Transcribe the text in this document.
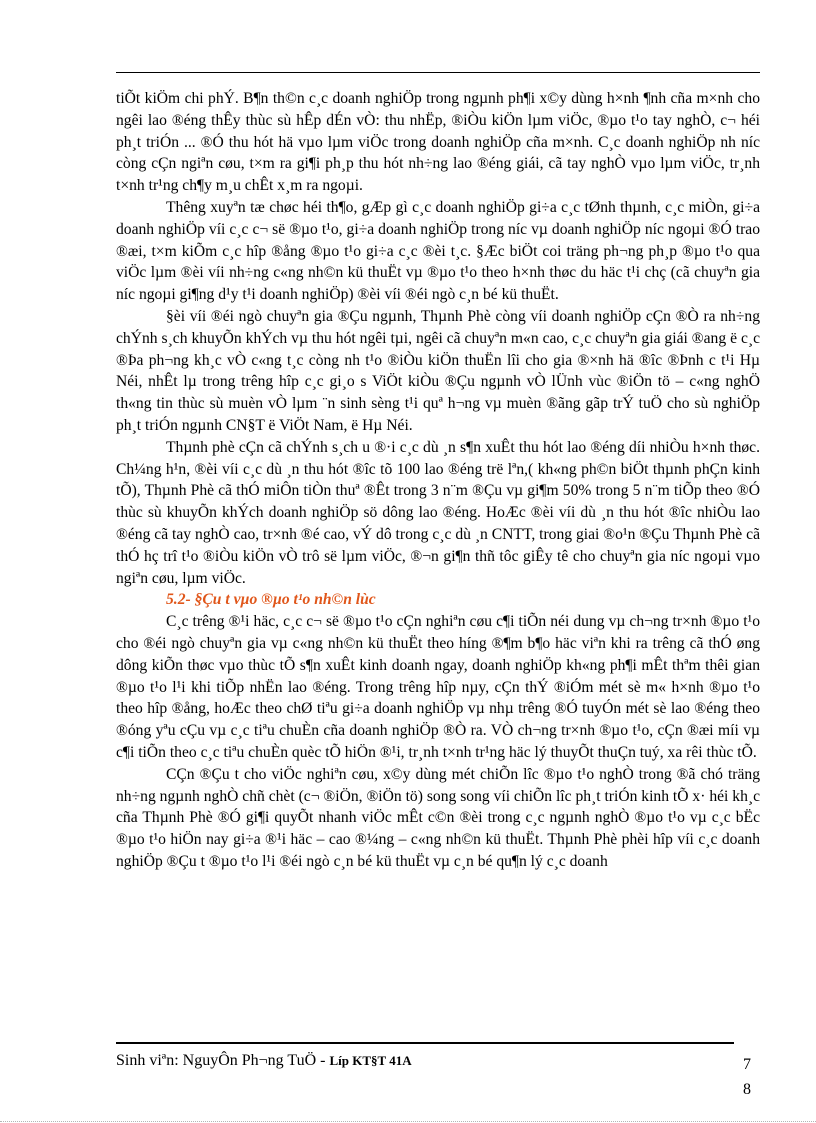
tiÕt kiÖm chi phÝ. B¶n th©n c¸c doanh nghiÖp trong ngµnh ph¶i x©y dùng h×nh ¶nh cña m×nh cho ngêi lao ®éng thÊy thùc sù hÊp dÉn vÒ: thu nhËp, ®iÒu kiÖn lµm viÖc, ®µo t¹o tay nghÒ, c¬ héi ph¸t triÓn ... ®Ó thu hót hä vµo lµm viÖc trong doanh nghiÖp cña m×nh. C¸c doanh nghiÖp nh níc còng cÇn ngiªn cøu, t×m ra gi¶i ph¸p thu hót nh÷ng lao ®éng giái, cã tay nghÒ vµo lµm viÖc, tr¸nh t×nh tr¹ng ch¶y m¸u chÊt x¸m ra ngoµi.

Thêng xuyªn tæ chøc héi th¶o, gÆp gì c¸c doanh nghiÖp gi÷a c¸c tØnh thµnh, c¸c miÒn, gi÷a doanh nghiÖp víi c¸c c¬ së ®µo t¹o, gi÷a doanh nghiÖp trong níc vµ doanh nghiÖp níc ngoµi ®Ó trao ®æi, t×m kiÕm c¸c hîp ®ång ®µo t¹o gi÷a c¸c ®èi t¸c. §Æc biÖt coi träng ph¬ng ph¸p ®µo t¹o qua viÖc lµm ®èi víi nh÷ng c«ng nh©n kü thuËt vµ ®µo t¹o theo h×nh thøc du häc t¹i chç (cã chuyªn gia níc ngoµi gi¶ng d¹y t¹i doanh nghiÖp) ®èi víi ®éi ngò c¸n bé kü thuËt.

§èi víi ®éi ngò chuyªn gia ®Çu ngµnh, Thµnh Phè còng víi doanh nghiÖp cÇn ®Ò ra nh÷ng chÝnh s¸ch khuyÕn khÝch vµ thu hót ngêi tµi, ngêi cã chuyªn m«n cao, c¸c chuyªn gia giái ®ang ë c¸c ®Þa ph¬ng kh¸c vÒ c«ng t¸c còng nh t¹o ®iÒu kiÖn thuËn lîi cho gia ®×nh hä ®îc ®Þnh c t¹i Hµ Néi, nhÊt lµ trong trêng hîp c¸c gi¸o s ViÖt kiÒu ®Çu ngµnh vÒ lÜnh vùc ®iÖn tö – c«ng nghÖ th«ng tin thùc sù muèn vÒ lµm ¨n sinh sèng t¹i quª h¬ng vµ muèn ®ãng gãp trÝ tuÖ cho sù nghiÖp ph¸t triÓn ngµnh CN§T ë ViÖt Nam, ë Hµ Néi.

Thµnh phè cÇn cã chÝnh s¸ch u ®·i c¸c dù ¸n s¶n xuÊt thu hót lao ®éng díi nhiÒu h×nh thøc. Ch¼ng h¹n, ®èi víi c¸c dù ¸n thu hót ®îc tõ 100 lao ®éng trë lªn,( kh«ng ph©n biÖt thµnh phÇn kinh tÕ), Thµnh Phè cã thÓ miÔn tiÒn thuª ®Êt trong 3 n¨m ®Çu vµ gi¶m 50% trong 5 n¨m tiÕp theo ®Ó thùc sù khuyÕn khÝch doanh nghiÖp sö dông lao ®éng. HoÆc ®èi víi dù ¸n thu hót ®îc nhiÒu lao ®éng cã tay nghÒ cao, tr×nh ®é cao, vÝ dô trong c¸c dù ¸n CNTT, trong giai ®o¹n ®Çu Thµnh Phè cã thÓ hç trî t¹o ®iÒu kiÖn vÒ trô së lµm viÖc, ®¬n gi¶n thñ tôc giÊy tê cho chuyªn gia níc ngoµi vµo ngiªn cøu, lµm viÖc.

5.2- §Çu t vµo ®µo t¹o nh©n lùc

C¸c trêng ®¹i häc, c¸c c¬ së ®µo t¹o cÇn nghiªn cøu c¶i tiÕn néi dung vµ ch¬ng tr×nh ®µo t¹o cho ®éi ngò chuyªn gia vµ c«ng nh©n kü thuËt theo híng ®¶m b¶o häc viªn khi ra trêng cã thÓ øng dông kiÕn thøc vµo thùc tÕ s¶n xuÊt kinh doanh ngay, doanh nghiÖp kh«ng ph¶i mÊt thªm thêi gian ®µo t¹o l¹i khi tiÕp nhËn lao ®éng. Trong trêng hîp nµy, cÇn thÝ ®iÓm mét sè m« h×nh ®µo t¹o theo hîp ®ång, hoÆc theo chØ tiªu gi÷a doanh nghiÖp vµ nhµ trêng ®Ó tuyÓn mét sè lao ®éng theo ®óng yªu cÇu vµ c¸c tiªu chuÈn cña doanh nghiÖp ®Ò ra. VÒ ch¬ng tr×nh ®µo t¹o, cÇn ®æi míi vµ c¶i tiÕn theo c¸c tiªu chuÈn quèc tÕ hiÖn ®¹i, tr¸nh t×nh tr¹ng häc lý thuyÕt thuÇn tuý, xa rêi thùc tÕ.

CÇn ®Çu t cho viÖc nghiªn cøu, x©y dùng mét chiÕn lîc ®µo t¹o nghÒ trong ®ã chó träng nh÷ng ngµnh nghÒ chñ chèt (c¬ ®iÖn, ®iÖn tö) song song víi chiÕn lîc ph¸t triÓn kinh tÕ x· héi kh¸c cña Thµnh Phè ®Ó gi¶i quyÕt nhanh viÖc mÊt c©n ®èi trong c¸c ngµnh nghÒ ®µo t¹o vµ c¸c bËc ®µo t¹o hiÖn nay gi÷a ®¹i häc – cao ®¼ng – c«ng nh©n kü thuËt. Thµnh Phè phèi hîp víi c¸c doanh nghiÖp ®Çu t ®µo t¹o l¹i ®éi ngò c¸n bé kü thuËt vµ c¸n bé qu¶n lý c¸c doanh

Sinh viªn: NguyÔn Ph¬ng TuÖ - Líp KT§T 41A	7
8
